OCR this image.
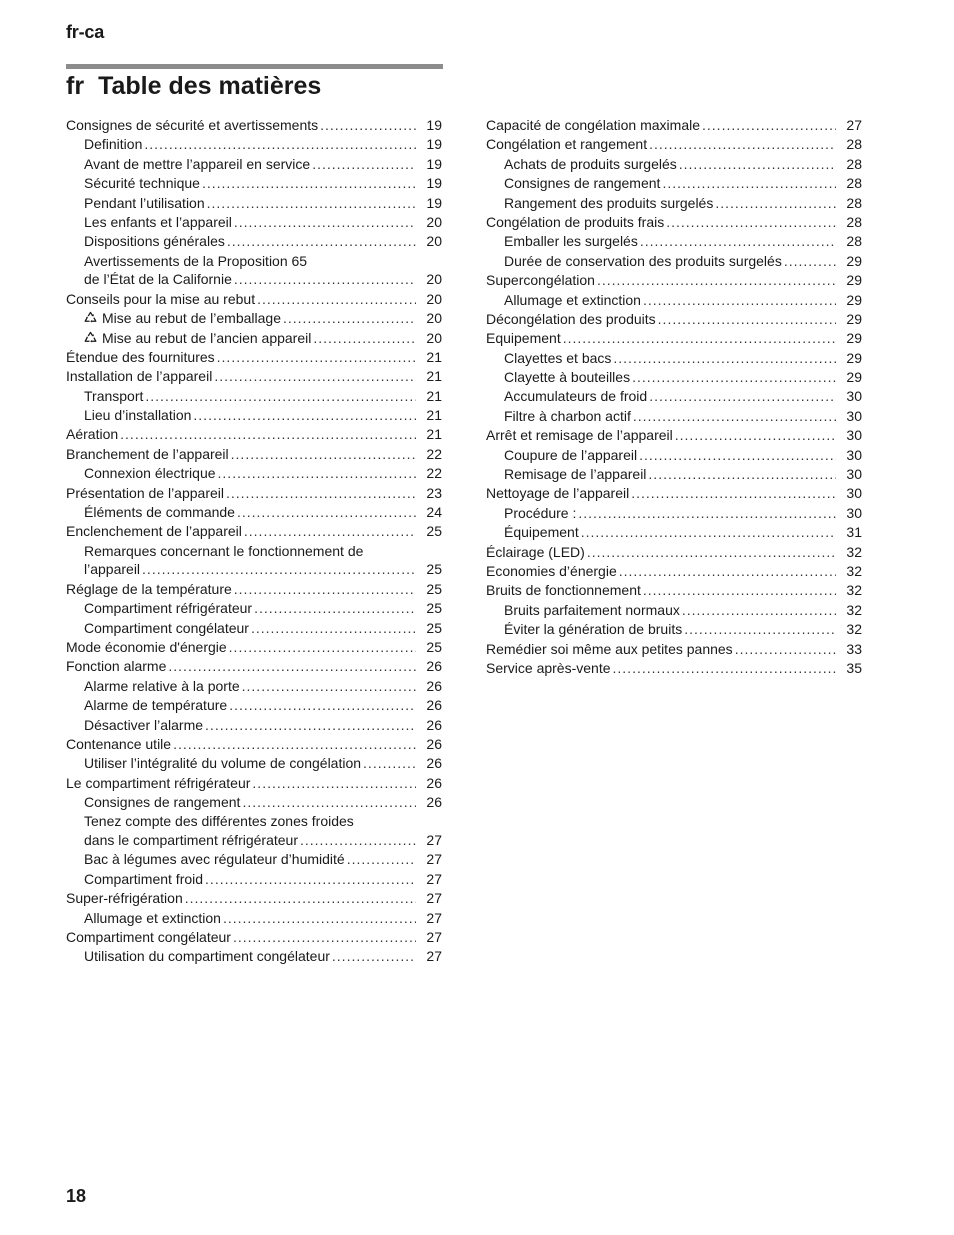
fr-ca
fr Table des matières
Consignes de sécurité et avertissements .....	19
Definition .....	19
Avant de mettre l’appareil en service .....	19
Sécurité technique .....	19
Pendant l’utilisation .....	19
Les enfants et l’appareil .....	20
Dispositions générales .....	20
Avertissements de la Proposition 65
de l’État de la Californie .....	20
Conseils pour la mise au rebut .....	20
Mise au rebut de l’emballage .....	20
Mise au rebut de l’ancien appareil .....	20
Étendue des fournitures .....	21
Installation de l’appareil .....	21
Transport .....	21
Lieu d’installation .....	21
Aération .....	21
Branchement de l’appareil .....	22
Connexion électrique .....	22
Présentation de l’appareil .....	23
Éléments de commande .....	24
Enclenchement de l’appareil .....	25
Remarques concernant le fonctionnement de
l’appareil .....	25
Réglage de la température .....	25
Compartiment réfrigérateur .....	25
Compartiment congélateur .....	25
Mode économie d'énergie .....	25
Fonction alarme .....	26
Alarme relative à la porte .....	26
Alarme de température .....	26
Désactiver l’alarme .....	26
Contenance utile .....	26
Utiliser l’intégralité du volume de congélation .....	26
Le compartiment réfrigérateur .....	26
Consignes de rangement .....	26
Tenez compte des différentes zones froides
dans le compartiment réfrigérateur .....	27
Bac à légumes avec régulateur d’humidité .....	27
Compartiment froid .....	27
Super-réfrigération .....	27
Allumage et extinction .....	27
Compartiment congélateur .....	27
Utilisation du compartiment congélateur .....	27
Capacité de congélation maximale .....	27
Congélation et rangement .....	28
Achats de produits surgelés .....	28
Consignes de rangement .....	28
Rangement des produits surgelés .....	28
Congélation de produits frais .....	28
Emballer les surgelés .....	28
Durée de conservation des produits surgelés .....	29
Supercongélation .....	29
Allumage et extinction .....	29
Décongélation des produits .....	29
Equipement .....	29
Clayettes et bacs .....	29
Clayette à bouteilles .....	29
Accumulateurs de froid .....	30
Filtre à charbon actif .....	30
Arrêt et remisage de l’appareil .....	30
Coupure de l’appareil .....	30
Remisage de l’appareil .....	30
Nettoyage de l’appareil .....	30
Procédure : .....	30
Équipement .....	31
Éclairage (LED) .....	32
Economies d’énergie .....	32
Bruits de fonctionnement .....	32
Bruits parfaitement normaux .....	32
Éviter la génération de bruits .....	32
Remédier soi même aux petites pannes .....	33
Service après-vente .....	35
18
